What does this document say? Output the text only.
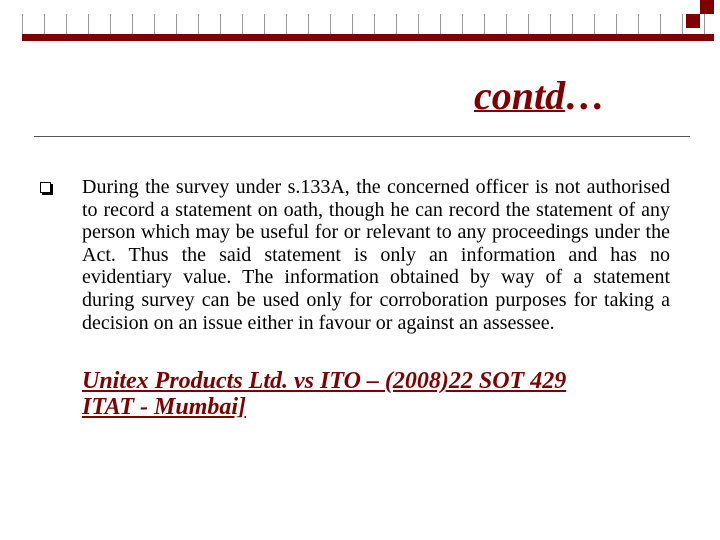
contd…
During the survey under s.133A, the concerned officer is not authorised to record a statement on oath, though he can record the statement of any person which may be useful for or relevant to any proceedings under the Act. Thus the said statement is only an information and has no evidentiary value. The information obtained by way of a statement during survey can be used only for corroboration purposes for taking a decision on an issue either in favour or against an assessee.
Unitex Products Ltd. vs ITO – (2008)22 SOT 429
ITAT - Mumbai]
